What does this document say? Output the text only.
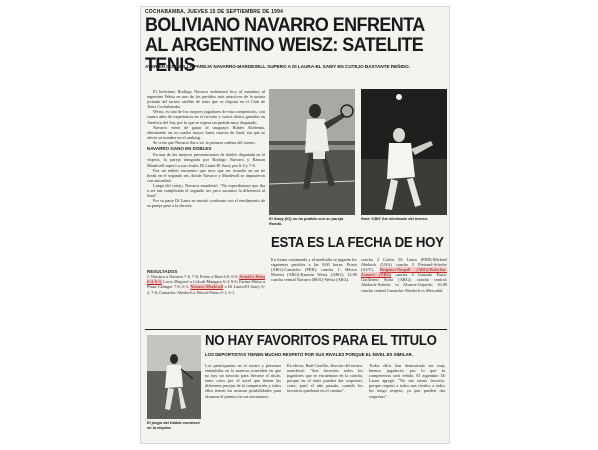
COCHABAMBA, JUEVES 15 DE SEPTIEMBRE DE 1994
BOLIVIANO NAVARRO ENFRENTA AL ARGENTINO WEISZ: SATELITE TENIS
AYER EN DOBLES LA PAREJA NAVARRO-MARDESELL SUPERO A DI LAURA-EL SAWY EN CUTEJO BASTANTE REÑIDO.

El boliviano Rodrigo Navarro enfrentará hoy al matutino al argentino Weisz en uno de los partidos más atractivos de la quinta jornada del torneo satélite de tenis que se disputa en el Club de Tenis Cochabamba.

Weisz, es uno de los mejores jugadores de esta competición, con cuatro años de experiencia en el circuito y varios títulos ganados en América del Sur, por lo que se espera un partido muy disputado.

Navarro viene de ganar al uruguayo Rubén Abelenda, eliminando en su cuadro mayor hasta cuartos de final, sin que se afecte su nombre en el ranking.

Se creía que Navarro iba a ser la primera cadena del torneo.

NAVARRO GANO EN DOBLES

En una de las mejores presentaciones de dobles disputada en la víspera, la pareja integrada por Rodrigo Navarro y Ramon Mardesell superó a sus rivales Di Laura-El Sawy por 6-2 y 7-6.

Fue un reñido encuentro que tuvo que ser resuelto en un tie break en el segundo set, donde Navarro y Mardesell se impusieron con autoridad.

Luego del cotejo, Navarro manifestó: "No esperábamos que iba a ser tan complicado el segundo set, pero sacamos la diferencia al final".

Por su parte Di Laura se mostró conforme con el rendimiento de su pareja pese a la derrota.

El Sawy (IO) no ha podido con su pareja Rueda.
Ruta 'CBH' fue eliminado del torneo.
ESTA ES LA FECHA DE HOY
En forma continuada y al mediodía se jugarán los siguientes partidos a las 9:00 horas: Prieto (ARG)-Camacho (PER); cancha 1: Héctor Moretti (ARG)-Kasmin Weisz (ARG); 12:00 cancha central Navarro (BOL)-Weisz (ARG).
cancha 2 Carlos Di Laura (PER)-Michael Abebach (USA) cancha 3 Pietrand-Schefer (AUT), Bergamo-Naspull (ARG)-Balocliar-Zomotri (ARG) cancha 4 Gonzalo Parra-Guillermo Soria (ARG); cancha central: Abebach-Schefer vs Alvarez-Gajardo; 16:00 cancha central Camacho-Abedoch vs Mercadal.
RESULTADOS
J. Navarro a Navarro 7-6, 7-6; Prieto a Ruiz 6-0, 6-3; Arnold a Perea 6-4, 6-3; Lucic-Degroof a Colcab-Mangara 6-4, 6-6; Farina-Weisz a Plaza-Calinger 7-6, 6-3. Navarro-Mardesell a Di Laura-El Sawy 6-2, 7-6; Camacho-Abedoch a Wasch-Prieto 6-1, 6-1.
NO HAY FAVORITOS PARA EL TITULO
LOS DEPORTISTAS TIENEN MUCHO RESPETO POR SUS RIVALES PORQUE EL NIVEL ES SIMILAR.
El juego del Diablo comenzó en la víspera.
Los participantes en el torneo y personas entendidas en la materia coinciden en que no hay un favorito para llevarse el título, entre otros por el nivel que tienen las diferentes parejas de la competición y todos ellos tienen las mismas posibilidades para alcanzar el premio en sus encuentros.
En efecto, Raúl Castillo, director del torneo, manifestó: "Son favoritos todos los jugadores que se encuentran en la cancha, porque en el tenis pueden dar sorpresas, como pasó el año pasado, cuando los favoritos quedaron en el camino".
Todos ellos han demostrado ser muy buenos jugadores, por lo que la competencia será reñida. El argentino Di Laura agregó: "No me siento favorito, porque respeto a todos mis rivales; a todos les tengo respeto, ya que pueden dar sorpresas".
